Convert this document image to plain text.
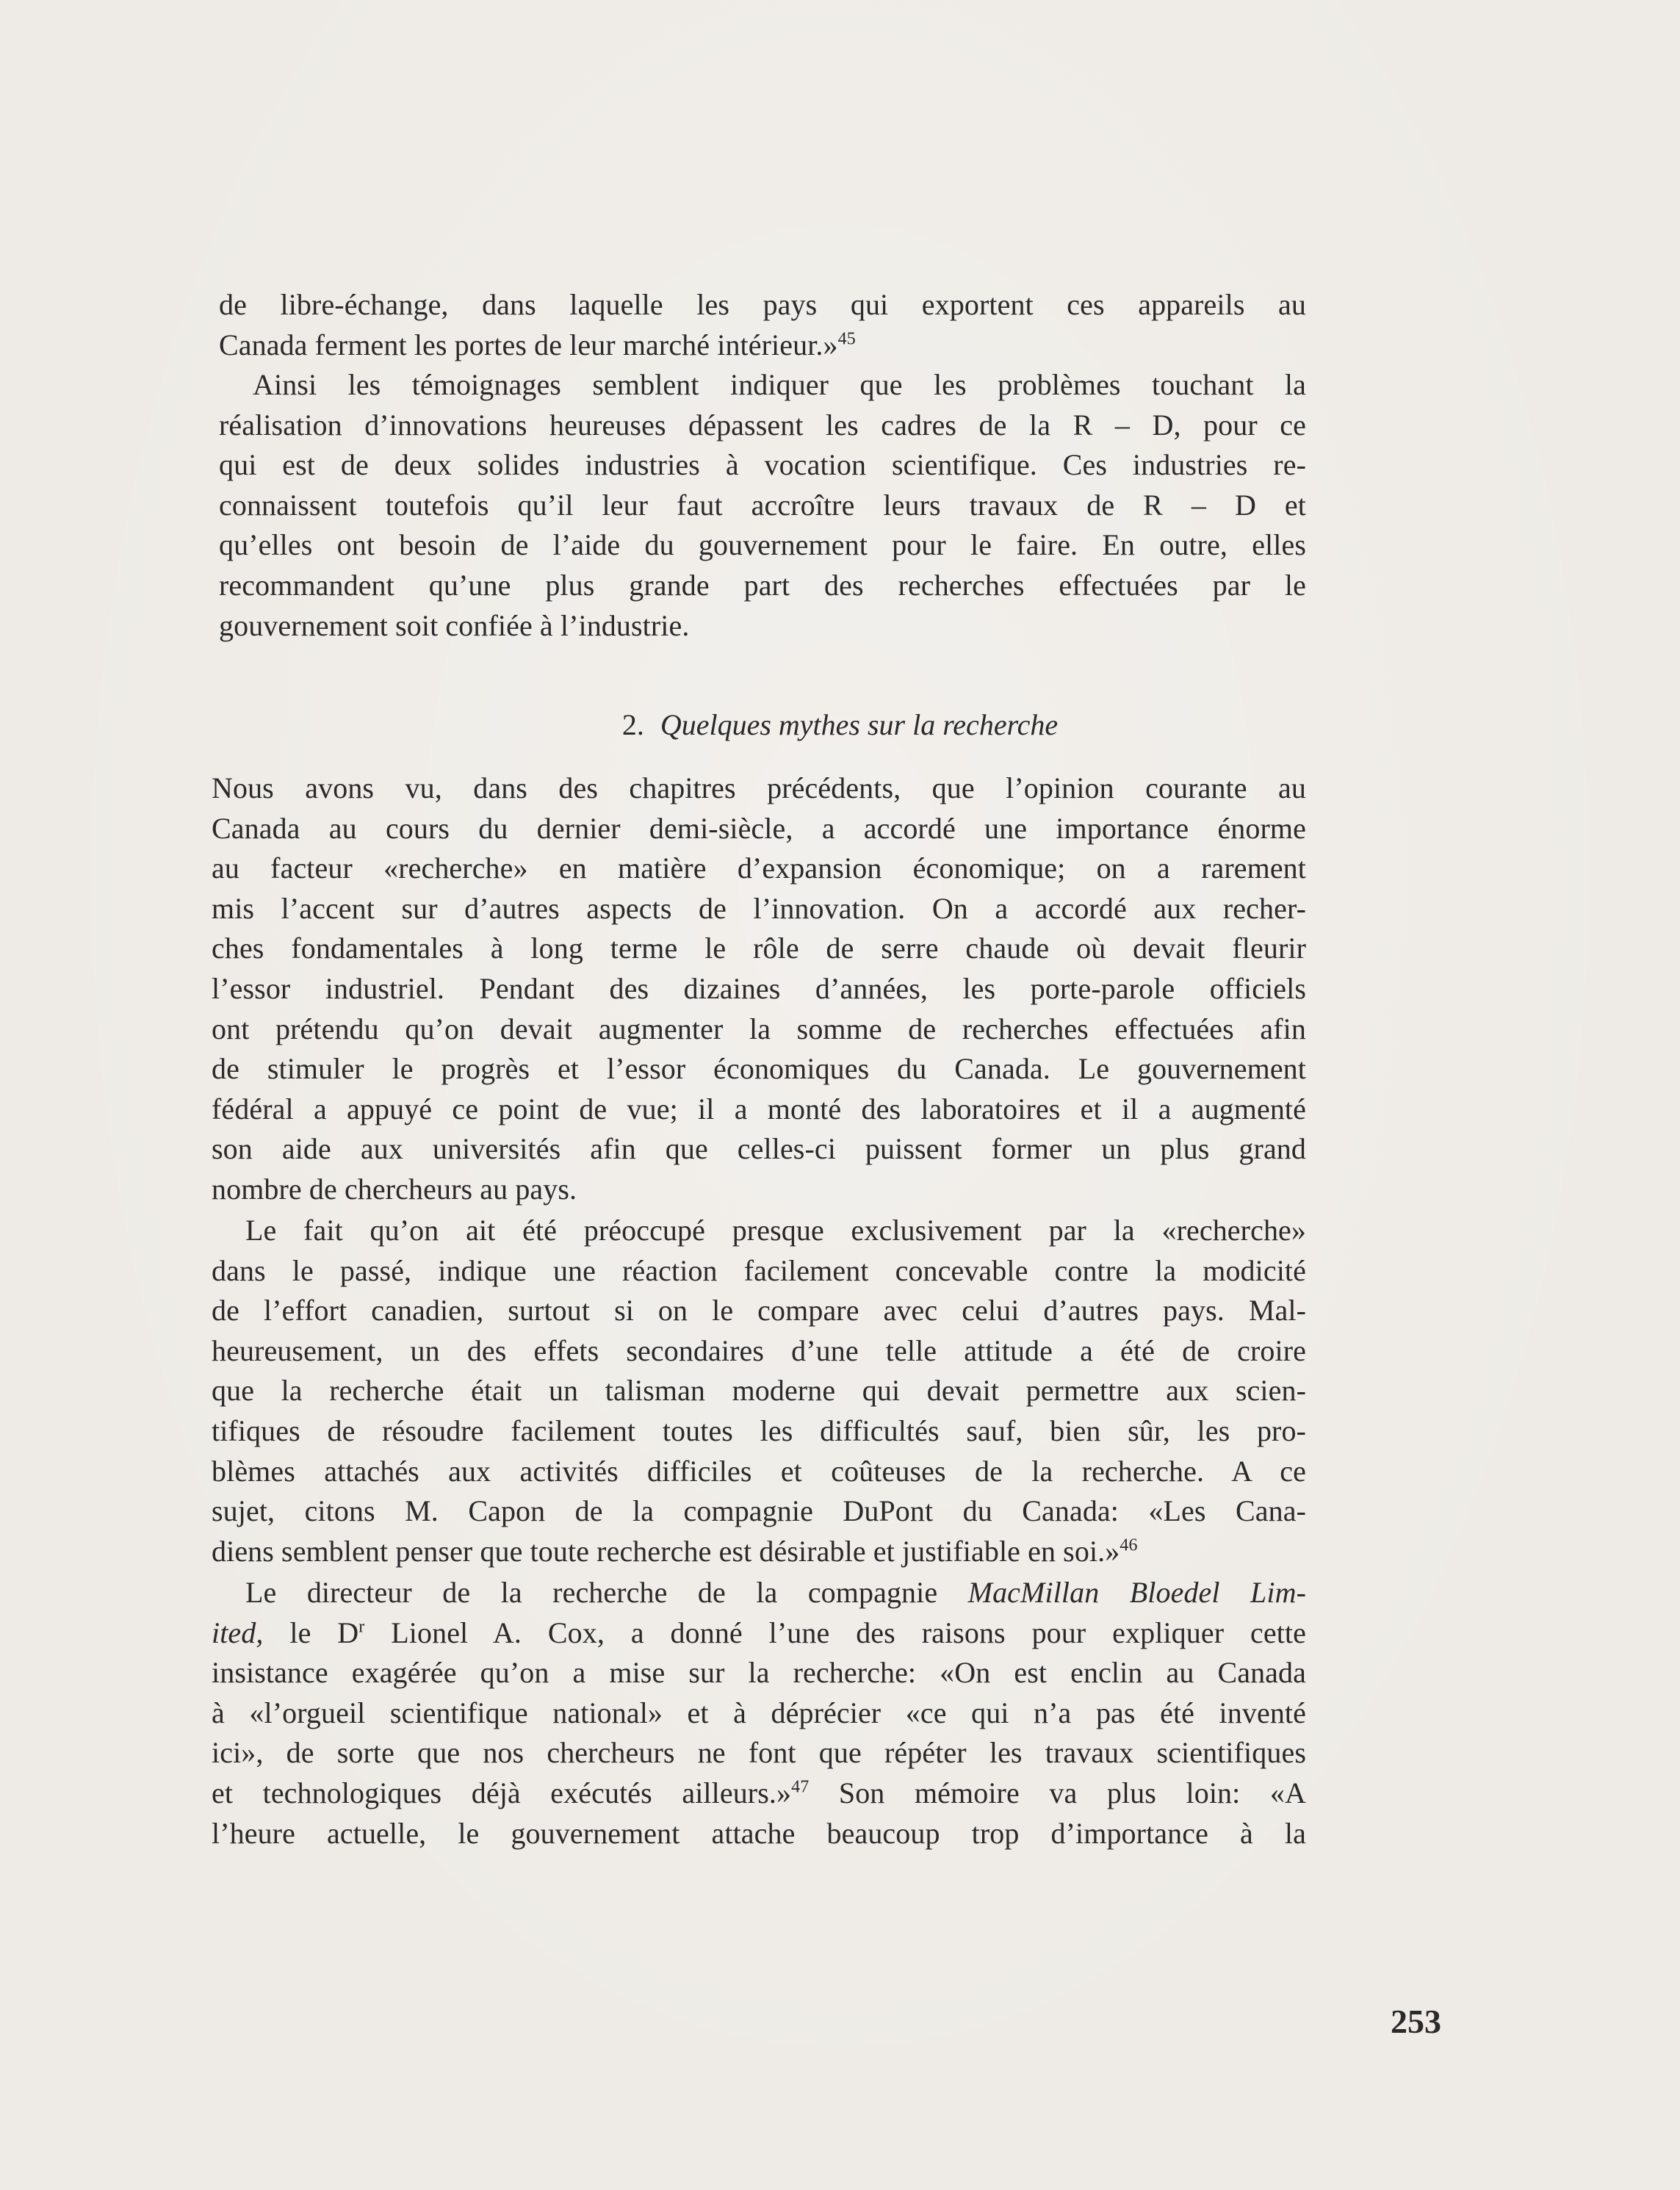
de libre-échange, dans laquelle les pays qui exportent ces appareils au
Canada ferment les portes de leur marché intérieur.»$^{45}$
Ainsi les témoignages semblent indiquer que les problèmes touchant la
réalisation d’innovations heureuses dépassent les cadres de la R – D, pour ce
qui est de deux solides industries à vocation scientifique. Ces industries re-
connaissent toutefois qu’il leur faut accroître leurs travaux de R – D et
qu’elles ont besoin de l’aide du gouvernement pour le faire. En outre, elles
recommandent qu’une plus grande part des recherches effectuées par le
gouvernement soit confiée à l’industrie.
2. Quelques mythes sur la recherche
Nous avons vu, dans des chapitres précédents, que l’opinion courante au
Canada au cours du dernier demi-siècle, a accordé une importance énorme
au facteur «recherche» en matière d’expansion économique; on a rarement
mis l’accent sur d’autres aspects de l’innovation. On a accordé aux recher-
ches fondamentales à long terme le rôle de serre chaude où devait fleurir
l’essor industriel. Pendant des dizaines d’années, les porte-parole officiels
ont prétendu qu’on devait augmenter la somme de recherches effectuées afin
de stimuler le progrès et l’essor économiques du Canada. Le gouvernement
fédéral a appuyé ce point de vue; il a monté des laboratoires et il a augmenté
son aide aux universités afin que celles-ci puissent former un plus grand
nombre de chercheurs au pays.
Le fait qu’on ait été préoccupé presque exclusivement par la «recherche»
dans le passé, indique une réaction facilement concevable contre la modicité
de l’effort canadien, surtout si on le compare avec celui d’autres pays. Mal-
heureusement, un des effets secondaires d’une telle attitude a été de croire
que la recherche était un talisman moderne qui devait permettre aux scien-
tifiques de résoudre facilement toutes les difficultés sauf, bien sûr, les pro-
blèmes attachés aux activités difficiles et coûteuses de la recherche. A ce
sujet, citons M. Capon de la compagnie DuPont du Canada: «Les Cana-
diens semblent penser que toute recherche est désirable et justifiable en soi.»$^{46}$
Le directeur de la recherche de la compagnie MacMillan Bloedel Lim-
ited, le $D^r$ Lionel A. Cox, a donné l’une des raisons pour expliquer cette
insistance exagérée qu’on a mise sur la recherche: «On est enclin au Canada
à «l’orgueil scientifique national» et à déprécier «ce qui n’a pas été inventé
ici», de sorte que nos chercheurs ne font que répéter les travaux scientifiques
et technologiques déjà exécutés ailleurs.»$^{47}$ Son mémoire va plus loin: «A
l’heure actuelle, le gouvernement attache beaucoup trop d’importance à la
253
